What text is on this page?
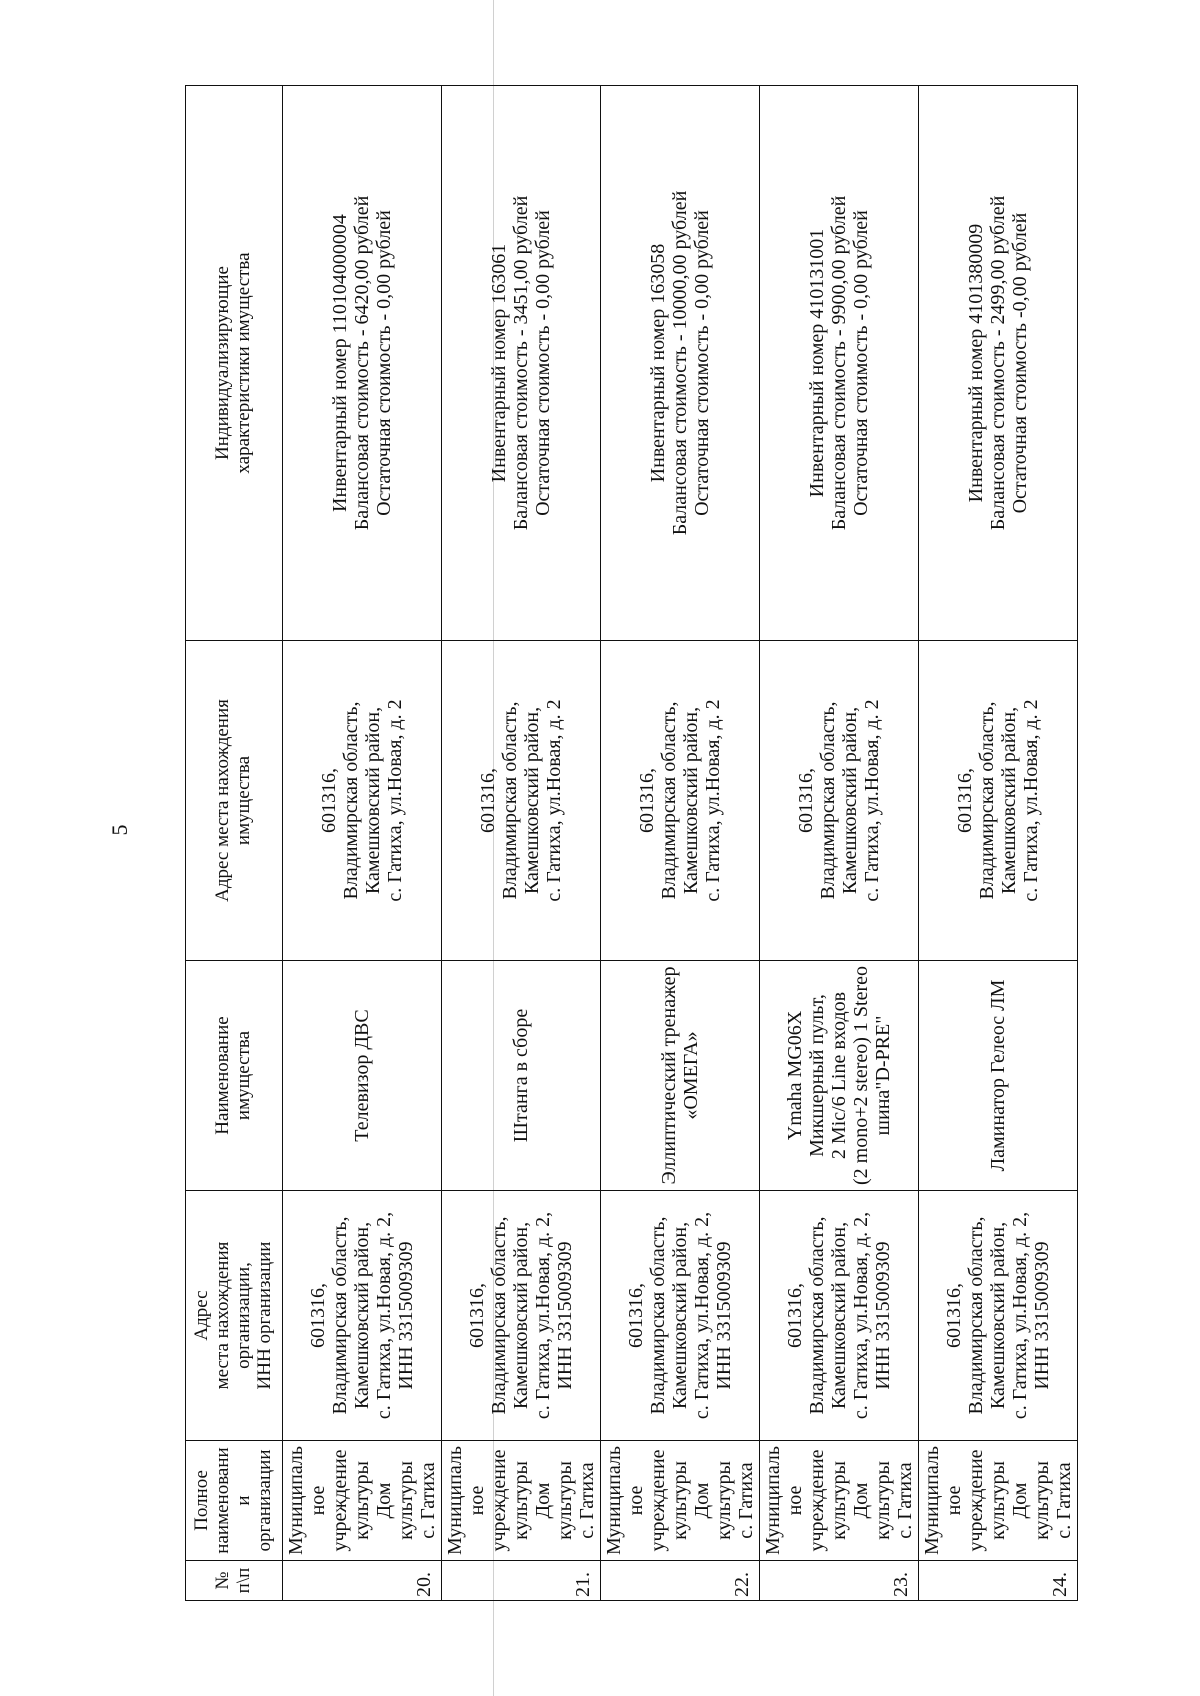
5
№
п\п	Полное
наименовании
организации	Адрес
места нахождения
организации,
ИНН организации	Наименование
имущества	Адрес места нахождения
имущества	Индивидуализирующие
характеристики имущества
20.	Муниципальное
учреждение
культуры Дом
культуры
с. Гатиха	601316,
Владимирская область,
Камешковский район,
с. Гатиха, ул.Новая, д. 2,
ИНН 3315009309	Телевизор ДВС	601316,
Владимирская область,
Камешковский район,
с. Гатиха, ул.Новая, д. 2	Инвентарный номер 110104000004
Балансовая стоимость - 6420,00 рублей
Остаточная стоимость - 0,00 рублей
21.	Муниципальное
учреждение
культуры Дом
культуры
с. Гатиха	601316,
Владимирская область,
Камешковский район,
с. Гатиха, ул.Новая, д. 2,
ИНН 3315009309	Штанга в сборе	601316,
Владимирская область,
Камешковский район,
с. Гатиха, ул.Новая, д. 2	Инвентарный номер 163061
Балансовая стоимость - 3451,00 рублей
Остаточная стоимость - 0,00 рублей
22.	Муниципальное
учреждение
культуры Дом
культуры
с. Гатиха	601316,
Владимирская область,
Камешковский район,
с. Гатиха, ул.Новая, д. 2,
ИНН 3315009309	Эллиптический тренажер
«ОМЕГА»	601316,
Владимирская область,
Камешковский район,
с. Гатиха, ул.Новая, д. 2	Инвентарный номер 163058
Балансовая стоимость - 10000,00 рублей
Остаточная стоимость - 0,00 рублей
23.	Муниципальное
учреждение
культуры Дом
культуры
с. Гатиха	601316,
Владимирская область,
Камешковский район,
с. Гатиха, ул.Новая, д. 2,
ИНН 3315009309	Ymaha MG06X
Микшерный пульт,
2 Mic/6 Line входов
(2 mono+2 stereo) 1 Stereo
шина"D-PRE"	601316,
Владимирская область,
Камешковский район,
с. Гатиха, ул.Новая, д. 2	Инвентарный номер 410131001
Балансовая стоимость - 9900,00 рублей
Остаточная стоимость - 0,00 рублей
24.	Муниципальное
учреждение
культуры Дом
культуры
с. Гатиха	601316,
Владимирская область,
Камешковский район,
с. Гатиха, ул.Новая, д. 2,
ИНН 3315009309	Ламинатор Гелеос ЛМ	601316,
Владимирская область,
Камешковский район,
с. Гатиха, ул.Новая, д. 2	Инвентарный номер 4101380009
Балансовая стоимость - 2499,00 рублей
Остаточная стоимость -0,00 рублей
